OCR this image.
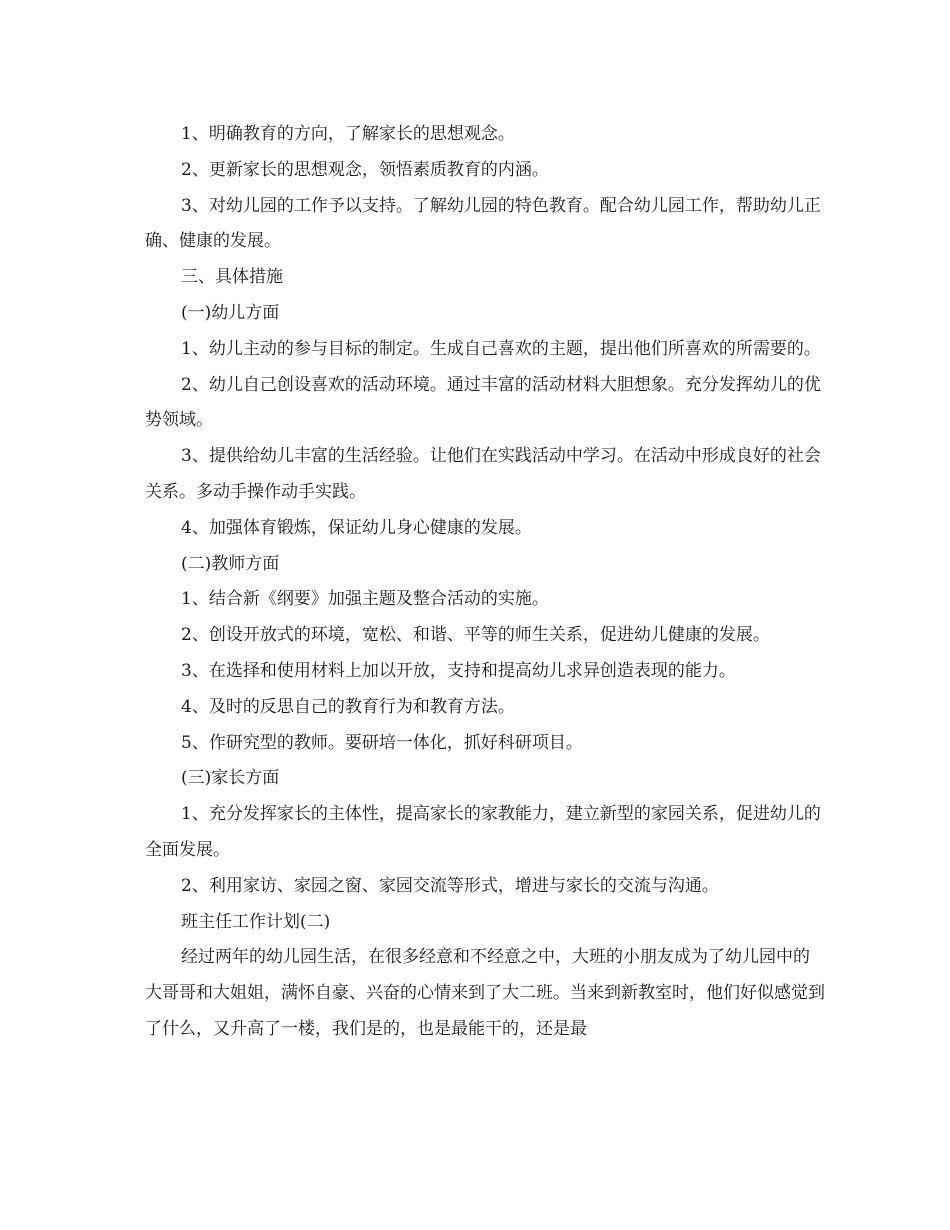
1、明确教育的方向，了解家长的思想观念。

2、更新家长的思想观念，领悟素质教育的内涵。

3、对幼儿园的工作予以支持。了解幼儿园的特色教育。配合幼儿园工作，帮助幼儿正确、健康的发展。

三、具体措施

(一)幼儿方面

1、幼儿主动的参与目标的制定。生成自己喜欢的主题，提出他们所喜欢的所需要的。

2、幼儿自己创设喜欢的活动环境。通过丰富的活动材料大胆想象。充分发挥幼儿的优势领域。

3、提供给幼儿丰富的生活经验。让他们在实践活动中学习。在活动中形成良好的社会关系。多动手操作动手实践。

4、加强体育锻炼，保证幼儿身心健康的发展。

(二)教师方面

1、结合新《纲要》加强主题及整合活动的实施。

2、创设开放式的环境，宽松、和谐、平等的师生关系，促进幼儿健康的发展。

3、在选择和使用材料上加以开放，支持和提高幼儿求异创造表现的能力。

4、及时的反思自己的教育行为和教育方法。

5、作研究型的教师。要研培一体化，抓好科研项目。

(三)家长方面

1、充分发挥家长的主体性，提高家长的家教能力，建立新型的家园关系，促进幼儿的全面发展。

2、利用家访、家园之窗、家园交流等形式，增进与家长的交流与沟通。

班主任工作计划(二)

经过两年的幼儿园生活，在很多经意和不经意之中，大班的小朋友成为了幼儿园中的大哥哥和大姐姐，满怀自豪、兴奋的心情来到了大二班。当来到新教室时，他们好似感觉到了什么，又升高了一楼，我们是的，也是最能干的，还是最
